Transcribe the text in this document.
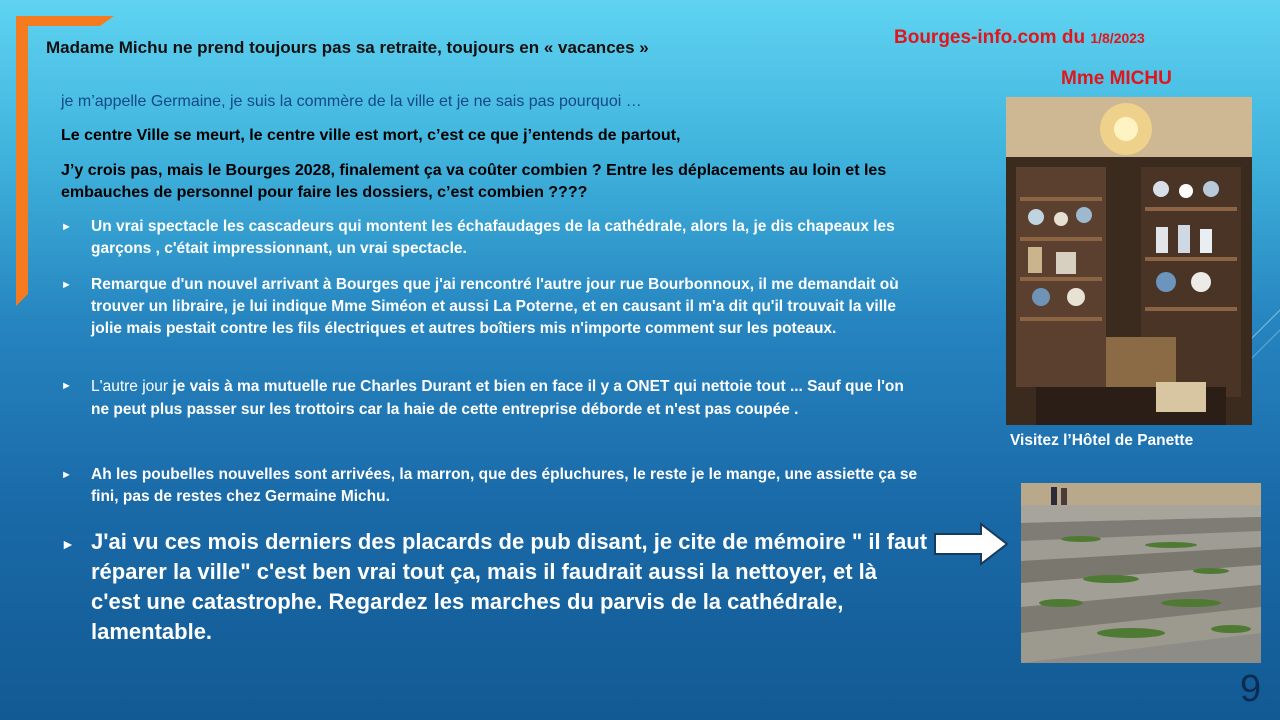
Madame Michu ne prend toujours pas sa retraite, toujours en « vacances »	Bourges-info.com du 1/8/2023
Mme MICHU
je m’appelle Germaine, je suis la commère de la ville et je ne sais pas pourquoi …
Le centre Ville se meurt, le centre ville est mort, c’est ce que j’entends de partout,
J’y crois pas, mais le Bourges 2028, finalement ça va coûter combien ? Entre les déplacements au loin et les embauches de personnel pour faire les dossiers, c’est combien ????
► Un vrai spectacle les cascadeurs qui montent les échafaudages de la cathédrale, alors la, je dis chapeaux les garçons , c'était impressionnant, un vrai spectacle.
► Remarque d'un nouvel arrivant à Bourges que j'ai rencontré l'autre jour rue Bourbonnoux, il me demandait où trouver un libraire, je lui indique Mme Siméon et aussi La Poterne, et en causant il m'a dit qu'il trouvait la ville jolie mais pestait contre les fils électriques et autres boîtiers mis n'importe comment sur les poteaux.
► L'autre jour je vais à ma mutuelle rue Charles Durant et bien en face il y a ONET qui nettoie tout ... Sauf que l'on ne peut plus passer sur les trottoirs car la haie de cette entreprise déborde et n'est pas coupée .
► Ah les poubelles nouvelles sont arrivées, la marron, que des épluchures, le reste je le mange, une assiette ça se fini, pas de restes chez Germaine Michu.
► J'ai vu ces mois derniers des placards de pub disant, je cite de mémoire " il faut réparer la ville" c'est ben vrai tout ça, mais il faudrait aussi la nettoyer, et là c'est une catastrophe. Regardez les marches du parvis de la cathédrale, lamentable.
Visitez l’Hôtel de Panette
9
